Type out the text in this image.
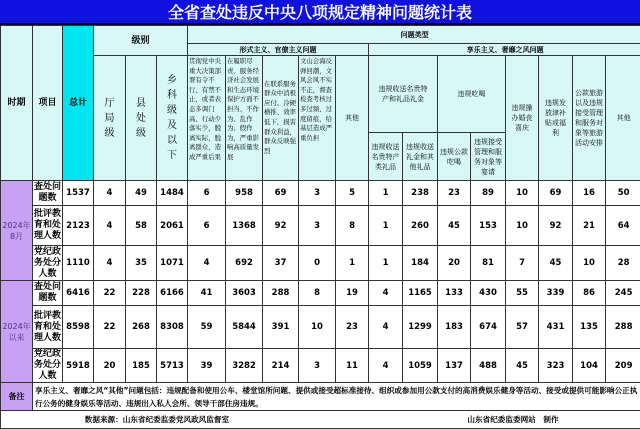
全省查处违反中央八项规定精神问题统计表
时期	项目	总计	级别			问题类型												
						形式主义、官僚主义问题					享乐主义、奢靡之风问题							
			厅局级	县处级	乡科级及以下	贯彻党中央重大决策部署有令不行、有禁不止，或者表态多调门高、行动少落实少，脱离实际，脱离群众，造成严重后果	在履职尽责、服务经济社会发展和生态环境保护方面不担当、不作为、乱作为、假作为，严重影响高质量发展	在联系服务群众中消极应付、冷硬横推、效率低下，损害群众利益，群众反映强烈	文山会海反弹回潮，文风会风不实不正，督查检查考核过多过频、过度留痕，给基层造成严重负担	其他	违规收送名贵特产和礼品礼金		违规吃喝		违规操办婚丧喜庆	违规发放津补贴或福利	公款旅游以及违规接受管理和服务对象等旅游活动安排	其他
											违规收送名贵特产类礼品	违规收送礼金和其他礼品	违规公款吃喝	违规接受管理和服务对象等宴请				
2024年8月	查处问题数	1537	4	49	1484	6	958	69	3	5	1	238	23	89	10	69	16	50
	批评教育和处理人数	2123	4	58	2061	6	1368	92	3	8	1	260	45	153	10	92	21	64
	党纪政务处分人数	1110	4	35	1071	4	692	37	0	1	1	184	20	81	7	45	10	28
2024年以来	查处问题数	6416	22	228	6166	41	3603	288	8	19	4	1165	133	430	55	339	86	245
	批评教育和处理人数	8598	22	268	8308	59	5844	391	10	23	4	1299	183	674	57	431	135	288
	党纪政务处分人数	5918	20	185	5713	39	3282	214	3	11	4	1059	137	488	45	323	104	209
备注	享乐主义、奢靡之风“其他”问题包括：违规配备和使用公车、楼堂馆所问题、提供或接受超标准接待、组织或参加用公款支付的高消费娱乐健身等活动、接受或提供可能影响公正执行公务的健身娱乐等活动、违规出入私人会所、领导干部住房违规。																	
数据来源：山东省纪委监委党风政风监督室 山东省纪委监委网站　制作																		
